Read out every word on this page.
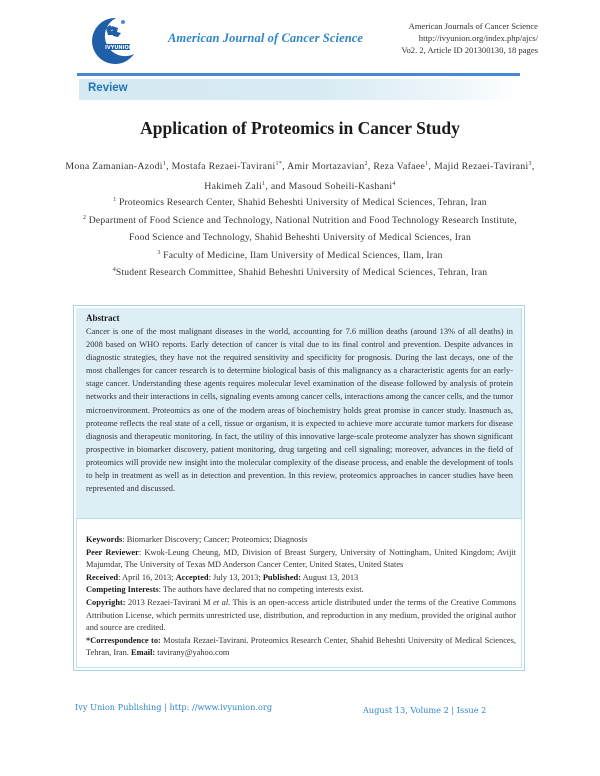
IVYUNION
American Journal of Cancer Science
American Journals of Cancer Science
http://ivyunion.org/index.php/ajcs/
Vo2. 2, Article ID 201300130, 18 pages
Review
Application of Proteomics in Cancer Study
Mona Zamanian-Azodi$^1$, Mostafa Rezaei-Tavirani$^{1*}$, Amir Mortazavian$^2$, Reza Vafaee$^1$, Majid Rezaei-Tavirani$^3$, Hakimeh Zali$^1$, and Masoud Soheili-Kashani$^4$
$^1$ Proteomics Research Center, Shahid Beheshti University of Medical Sciences, Tehran, Iran
$^2$ Department of Food Science and Technology, National Nutrition and Food Technology Research Institute, Food Science and Technology, Shahid Beheshti University of Medical Sciences, Iran
$^3$ Faculty of Medicine, Ilam University of Medical Sciences, Ilam, Iran
$^4$Student Research Committee, Shahid Beheshti University of Medical Sciences, Tehran, Iran
Abstract
Cancer is one of the most malignant diseases in the world, accounting for 7.6 million deaths (around 13% of all deaths) in 2008 based on WHO reports. Early detection of cancer is vital due to its final control and prevention. Despite advances in diagnostic strategies, they have not the required sensitivity and specificity for prognosis. During the last decays, one of the most challenges for cancer research is to determine biological basis of this malignancy as a characteristic agents for an early-stage cancer. Understanding these agents requires molecular level examination of the disease followed by analysis of protein networks and their interactions in cells, signaling events among cancer cells, interactions among the cancer cells, and the tumor microenvironment. Proteomics as one of the modern areas of biochemistry holds great promise in cancer study. Inasmuch as, proteome reflects the real state of a cell, tissue or organism, it is expected to achieve more accurate tumor markers for disease diagnosis and therapeutic monitoring. In fact, the utility of this innovative large-scale proteome analyzer has shown significant prospective in biomarker discovery, patient monitoring, drug targeting and cell signaling; moreover, advances in the field of proteomics will provide new insight into the molecular complexity of the disease process, and enable the development of tools to help in treatment as well as in detection and prevention. In this review, proteomics approaches in cancer studies have been represented and discussed.
Keywords: Biomarker Discovery; Cancer; Proteomics; Diagnosis
Peer Reviewer: Kwok-Leung Cheung, MD, Division of Breast Surgery, University of Nottingham, United Kingdom; Avijit Majumdar, The University of Texas MD Anderson Cancer Center, United States, United States
Received: April 16, 2013; Accepted: July 13, 2013; Published: August 13, 2013
Competing Interests: The authors have declared that no competing interests exist.
Copyright: 2013 Rezaei-Tavirani M et al. This is an open-access article distributed under the terms of the Creative Commons Attribution License, which permits unrestricted use, distribution, and reproduction in any medium, provided the original author and source are credited.
*Correspondence to: Mostafa Rezaei-Tavirani. Proteomics Research Center, Shahid Beheshti University of Medical Sciences, Tehran, Iran. Email: tavirany@yahoo.com
Ivy Union Publishing | http: //www.ivyunion.org	August 13, Volume 2 | Issue 2
